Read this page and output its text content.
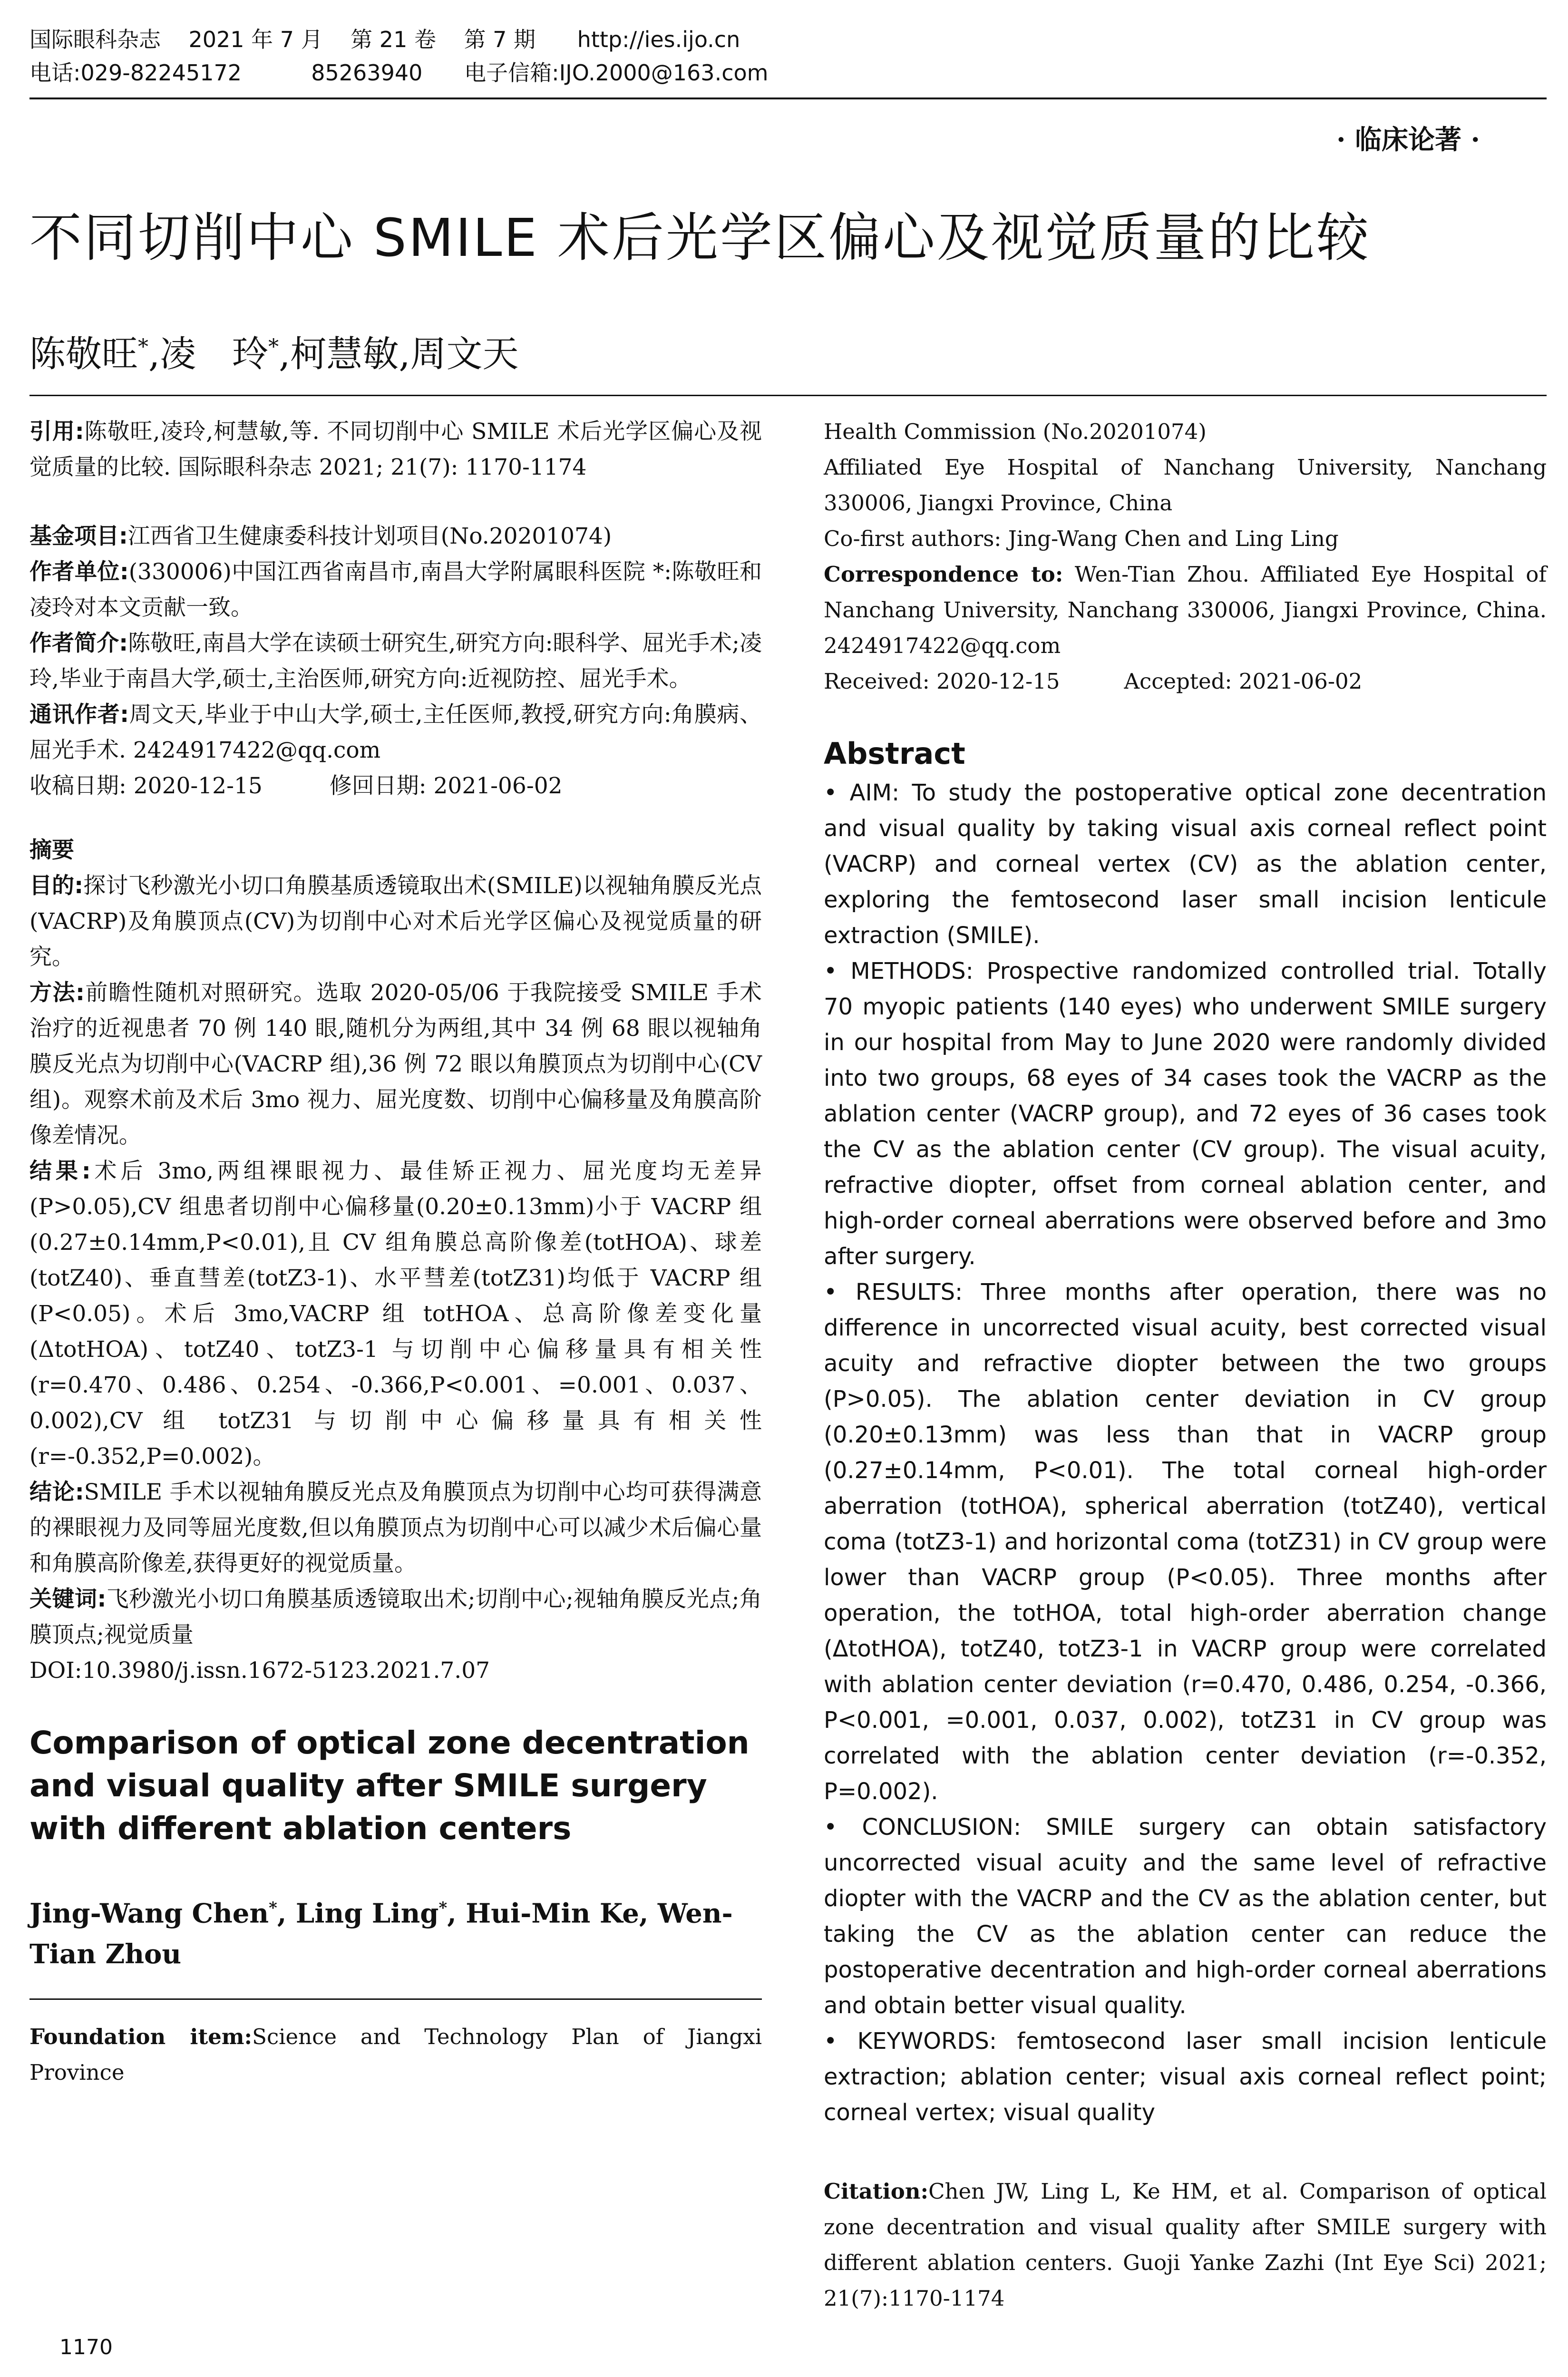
国际眼科杂志    2021 年 7 月    第 21 卷    第 7 期      http://ies.ijo.cn
电话:029-82245172          85263940      电子信箱:IJO.2000@163.com
· 临床论著 ·
不同切削中心 SMILE 术后光学区偏心及视觉质量的比较
陈敬旺*,凌　玲*,柯慧敏,周文天

引用:陈敬旺,凌玲,柯慧敏,等. 不同切削中心 SMILE 术后光学区偏心及视觉质量的比较. 国际眼科杂志 2021; 21(7): 1170-1174

基金项目:江西省卫生健康委科技计划项目(No.20201074)

作者单位:(330006)中国江西省南昌市,南昌大学附属眼科医院 *:陈敬旺和凌玲对本文贡献一致。

作者简介:陈敬旺,南昌大学在读硕士研究生,研究方向:眼科学、屈光手术;凌玲,毕业于南昌大学,硕士,主治医师,研究方向:近视防控、屈光手术。

通讯作者:周文天,毕业于中山大学,硕士,主任医师,教授,研究方向:角膜病、屈光手术. 2424917422@qq.com

收稿日期: 2020-12-15　　　修回日期: 2021-06-02

摘要

目的:探讨飞秒激光小切口角膜基质透镜取出术(SMILE)以视轴角膜反光点(VACRP)及角膜顶点(CV)为切削中心对术后光学区偏心及视觉质量的研究。

方法:前瞻性随机对照研究。选取 2020-05/06 于我院接受 SMILE 手术治疗的近视患者 70 例 140 眼,随机分为两组,其中 34 例 68 眼以视轴角膜反光点为切削中心(VACRP 组),36 例 72 眼以角膜顶点为切削中心(CV 组)。观察术前及术后 3mo 视力、屈光度数、切削中心偏移量及角膜高阶像差情况。

结果:术后 3mo,两组裸眼视力、最佳矫正视力、屈光度均无差异(P>0.05),CV 组患者切削中心偏移量(0.20±0.13mm)小于 VACRP 组(0.27±0.14mm,P<0.01),且 CV 组角膜总高阶像差(totHOA)、球差(totZ40)、垂直彗差(totZ3-1)、水平彗差(totZ31)均低于 VACRP 组(P<0.05)。术后 3mo,VACRP 组 totHOA、总高阶像差变化量(ΔtotHOA)、totZ40、totZ3-1 与切削中心偏移量具有相关性(r=0.470、0.486、0.254、-0.366,P<0.001、=0.001、0.037、0.002),CV 组 totZ31 与切削中心偏移量具有相关性(r=-0.352,P=0.002)。

结论:SMILE 手术以视轴角膜反光点及角膜顶点为切削中心均可获得满意的裸眼视力及同等屈光度数,但以角膜顶点为切削中心可以减少术后偏心量和角膜高阶像差,获得更好的视觉质量。

关键词:飞秒激光小切口角膜基质透镜取出术;切削中心;视轴角膜反光点;角膜顶点;视觉质量

DOI:10.3980/j.issn.1672-5123.2021.7.07

Comparison of optical zone decentration and visual quality after SMILE surgery with different ablation centers
Jing-Wang Chen*, Ling Ling*, Hui-Min Ke, Wen-Tian Zhou

Foundation item:Science and Technology Plan of Jiangxi Province

Health Commission (No.20201074)

Affiliated Eye Hospital of Nanchang University, Nanchang 330006, Jiangxi Province, China

Co-first authors: Jing-Wang Chen and Ling Ling

Correspondence to: Wen-Tian Zhou. Affiliated Eye Hospital of Nanchang University, Nanchang 330006, Jiangxi Province, China. 2424917422@qq.com

Received: 2020-12-15　　　Accepted: 2021-06-02

Abstract

• AIM: To study the postoperative optical zone decentration and visual quality by taking visual axis corneal reflect point (VACRP) and corneal vertex (CV) as the ablation center, exploring the femtosecond laser small incision lenticule extraction (SMILE).

• METHODS: Prospective randomized controlled trial. Totally 70 myopic patients (140 eyes) who underwent SMILE surgery in our hospital from May to June 2020 were randomly divided into two groups, 68 eyes of 34 cases took the VACRP as the ablation center (VACRP group), and 72 eyes of 36 cases took the CV as the ablation center (CV group). The visual acuity, refractive diopter, offset from corneal ablation center, and high-order corneal aberrations were observed before and 3mo after surgery.

• RESULTS: Three months after operation, there was no difference in uncorrected visual acuity, best corrected visual acuity and refractive diopter between the two groups (P>0.05). The ablation center deviation in CV group (0.20±0.13mm) was less than that in VACRP group (0.27±0.14mm, P<0.01). The total corneal high-order aberration (totHOA), spherical aberration (totZ40), vertical coma (totZ3-1) and horizontal coma (totZ31) in CV group were lower than VACRP group (P<0.05). Three months after operation, the totHOA, total high-order aberration change (ΔtotHOA), totZ40, totZ3-1 in VACRP group were correlated with ablation center deviation (r=0.470, 0.486, 0.254, -0.366, P<0.001, =0.001, 0.037, 0.002), totZ31 in CV group was correlated with the ablation center deviation (r=-0.352, P=0.002).

• CONCLUSION: SMILE surgery can obtain satisfactory uncorrected visual acuity and the same level of refractive diopter with the VACRP and the CV as the ablation center, but taking the CV as the ablation center can reduce the postoperative decentration and high-order corneal aberrations and obtain better visual quality.

• KEYWORDS: femtosecond laser small incision lenticule extraction; ablation center; visual axis corneal reflect point; corneal vertex; visual quality

Citation:Chen JW, Ling L, Ke HM, et al. Comparison of optical zone decentration and visual quality after SMILE surgery with different ablation centers. Guoji Yanke Zazhi (Int Eye Sci) 2021; 21(7):1170-1174

1170
